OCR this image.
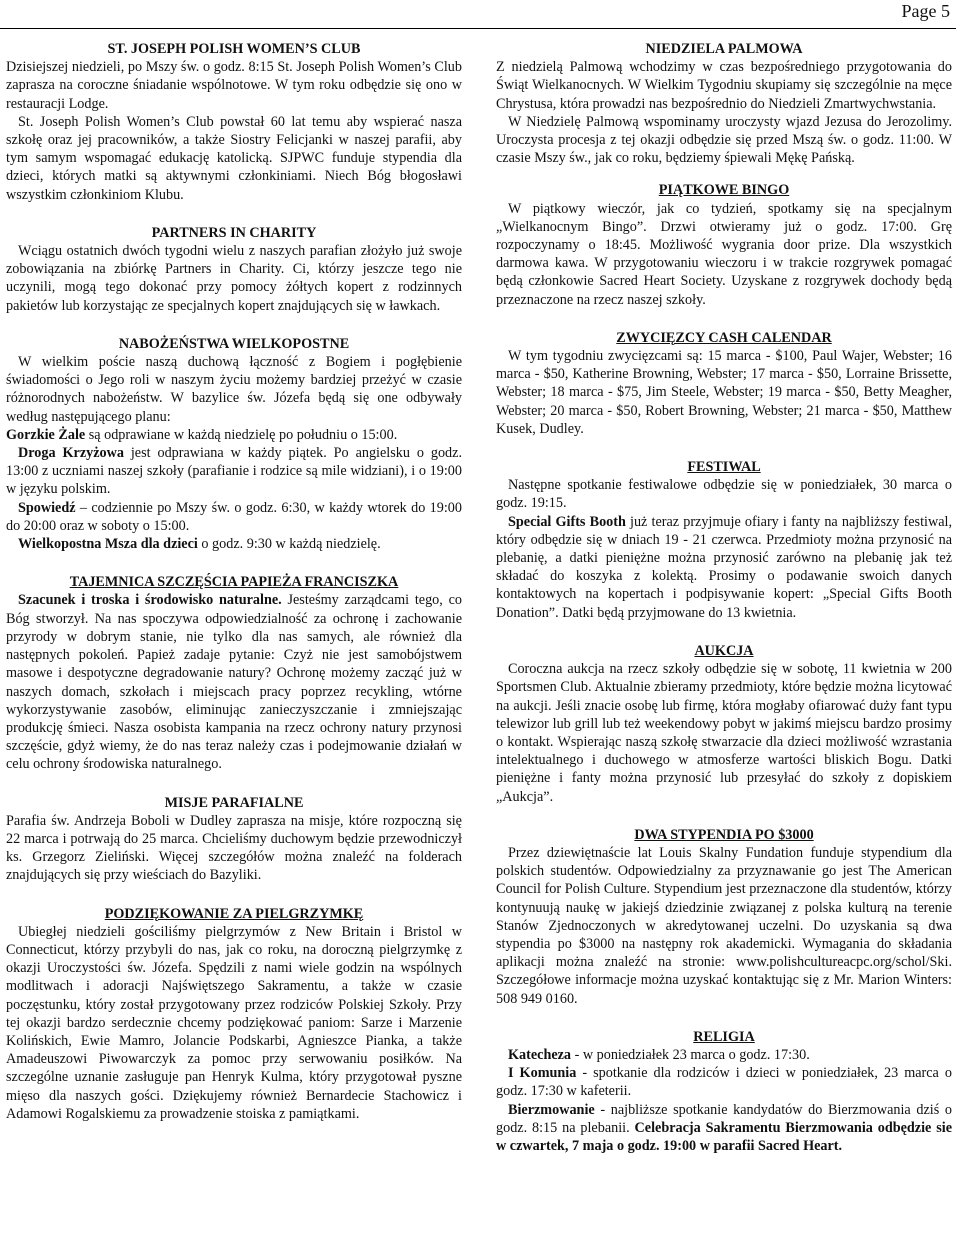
Page 5

ST. JOSEPH POLISH WOMEN’S CLUB

Dzisiejszej niedzieli, po Mszy św. o godz. 8:15 St. Joseph Polish Women’s Club zaprasza na coroczne śniadanie wspólnotowe. W tym roku odbędzie się ono w restauracji Lodge.

St. Joseph Polish Women’s Club powstał 60 lat temu aby wspierać nasza szkołę oraz jej pracowników, a także Siostry Felicjanki w naszej parafii, aby tym samym wspomagać edukację katolicką. SJPWC funduje stypendia dla dzieci, których matki są aktywnymi członkiniami. Niech Bóg błogosławi wszystkim członkiniom Klubu.

PARTNERS IN CHARITY

Wciągu ostatnich dwóch tygodni wielu z naszych parafian złożyło już swoje zobowiązania na zbiórkę Partners in Charity. Ci, którzy jeszcze tego nie uczynili, mogą tego dokonać przy pomocy żółtych kopert z rodzinnych pakietów lub korzystając ze specjalnych kopert znajdujących się w ławkach.

NABOŻEŃSTWA WIELKOPOSTNE

W wielkim poście naszą duchową łączność z Bogiem i pogłębienie świadomości o Jego roli w naszym życiu możemy bardziej przeżyć w czasie różnorodnych nabożeństw. W bazylice św. Józefa będą się one odbywały według następującego planu:

Gorzkie Żale są odprawiane w każdą niedzielę po południu o 15:00.

Droga Krzyżowa jest odprawiana w każdy piątek. Po angielsku o godz. 13:00 z uczniami naszej szkoły (parafianie i rodzice są mile widziani), i o 19:00 w języku polskim.

Spowiedź – codziennie po Mszy św. o godz. 6:30, w każdy wtorek do 19:00 do 20:00 oraz w soboty o 15:00.

Wielkopostna Msza dla dzieci o godz. 9:30 w każdą niedzielę.

TAJEMNICA SZCZĘŚCIA PAPIEŻA FRANCISZKA

Szacunek i troska i środowisko naturalne. Jesteśmy zarządcami tego, co Bóg stworzył. Na nas spoczywa odpowiedzialność za ochronę i zachowanie przyrody w dobrym stanie, nie tylko dla nas samych, ale również dla następnych pokoleń. Papież zadaje pytanie: Czyż nie jest samobójstwem masowe i despotyczne degradowanie natury? Ochronę możemy zacząć już w naszych domach, szkołach i miejscach pracy poprzez recykling, wtórne wykorzystywanie zasobów, eliminując zanieczyszczanie i zmniejszając produkcję śmieci. Nasza osobista kampania na rzecz ochrony natury przynosi szczęście, gdyż wiemy, że do nas teraz należy czas i podejmowanie działań w celu ochrony środowiska naturalnego.

MISJE PARAFIALNE

Parafia św. Andrzeja Boboli w Dudley zaprasza na misje, które rozpoczną się 22 marca i potrwają do 25 marca. Chcieliśmy duchowym będzie przewodniczył ks. Grzegorz Zieliński. Więcej szczegółów można znaleźć na folderach znajdujących się przy wieściach do Bazyliki.

PODZIĘKOWANIE ZA PIELGRZYMKĘ

Ubiegłej niedzieli gościliśmy pielgrzymów z New Britain i Bristol w Connecticut, którzy przybyli do nas, jak co roku, na doroczną pielgrzymkę z okazji Uroczystości św. Józefa. Spędzili z nami wiele godzin na wspólnych modlitwach i adoracji Najświętszego Sakramentu, a także w czasie poczęstunku, który został przygotowany przez rodziców Polskiej Szkoły. Przy tej okazji bardzo serdecznie chcemy podziękować paniom: Sarze i Marzenie Kolińskich, Ewie Mamro, Jolancie Podskarbi, Agnieszce Pianka, a także Amadeuszowi Piwowarczyk za pomoc przy serwowaniu posiłków. Na szczególne uznanie zasługuje pan Henryk Kulma, który przygotował pyszne mięso dla naszych gości. Dziękujemy również Bernardecie Stachowicz i Adamowi Rogalskiemu za prowadzenie stoiska z pamiątkami.

NIEDZIELA PALMOWA

Z niedzielą Palmową wchodzimy w czas bezpośredniego przygotowania do Świąt Wielkanocnych. W Wielkim Tygodniu skupiamy się szczególnie na męce Chrystusa, która prowadzi nas bezpośrednio do Niedzieli Zmartwychwstania.

W Niedzielę Palmową wspominamy uroczysty wjazd Jezusa do Jerozolimy. Uroczysta procesja z tej okazji odbędzie się przed Mszą św. o godz. 11:00. W czasie Mszy św., jak co roku, będziemy śpiewali Mękę Pańską.

PIĄTKOWE BINGO

W piątkowy wieczór, jak co tydzień, spotkamy się na specjalnym „Wielkanocnym Bingo”. Drzwi otwieramy już o godz. 17:00. Grę rozpoczynamy o 18:45. Możliwość wygrania door prize. Dla wszystkich darmowa kawa. W przygotowaniu wieczoru i w trakcie rozgrywek pomagać będą członkowie Sacred Heart Society. Uzyskane z rozgrywek dochody będą przeznaczone na rzecz naszej szkoły.

ZWYCIĘZCY CASH CALENDAR

W tym tygodniu zwycięzcami są: 15 marca - $100, Paul Wajer, Webster; 16 marca - $50, Katherine Browning, Webster; 17 marca - $50, Lorraine Brissette, Webster; 18 marca - $75, Jim Steele, Webster; 19 marca - $50, Betty Meagher, Webster; 20 marca - $50, Robert Browning, Webster; 21 marca - $50, Matthew Kusek, Dudley.

FESTIWAL

Następne spotkanie festiwalowe odbędzie się w poniedziałek, 30 marca o godz. 19:15.

Special Gifts Booth już teraz przyjmuje ofiary i fanty na najbliższy festiwal, który odbędzie się w dniach 19 - 21 czerwca. Przedmioty można przynosić na plebanię, a datki pieniężne można przynosić zarówno na plebanię jak też składać do koszyka z kolektą. Prosimy o podawanie swoich danych kontaktowych na kopertach i podpisywanie kopert: „Special Gifts Booth Donation”. Datki będą przyjmowane do 13 kwietnia.

AUKCJA

Coroczna aukcja na rzecz szkoły odbędzie się w sobotę, 11 kwietnia w 200 Sportsmen Club. Aktualnie zbieramy przedmioty, które będzie można licytować na aukcji. Jeśli znacie osobę lub firmę, która mogłaby ofiarować duży fant typu telewizor lub grill lub też weekendowy pobyt w jakimś miejscu bardzo prosimy o kontakt. Wspierając naszą szkołę stwarzacie dla dzieci możliwość wzrastania intelektualnego i duchowego w atmosferze wartości bliskich Bogu. Datki pieniężne i fanty można przynosić lub przesyłać do szkoły z dopiskiem „Aukcja”.

DWA STYPENDIA PO $3000

Przez dziewiętnaście lat Louis Skalny Fundation funduje stypendium dla polskich studentów. Odpowiedzialny za przyznawanie go jest The American Council for Polish Culture. Stypendium jest przeznaczone dla studentów, którzy kontynuują naukę w jakiejś dziedzinie związanej z polska kulturą na terenie Stanów Zjednoczonych w akredytowanej uczelni. Do uzyskania są dwa stypendia po $3000 na następny rok akademicki. Wymagania do składania aplikacji można znaleźć na stronie: www.polishcultureacpc.org/schol/Ski. Szczegółowe informacje można uzyskać kontaktując się z Mr. Marion Winters: 508 949 0160.

RELIGIA

Katecheza - w poniedziałek 23 marca o godz. 17:30.

I Komunia - spotkanie dla rodziców i dzieci w poniedziałek, 23 marca o godz. 17:30 w kafeterii.

Bierzmowanie - najbliższe spotkanie kandydatów do Bierzmowania dziś o godz. 8:15 na plebanii. Celebracja Sakramentu Bierzmowania odbędzie sie w czwartek, 7 maja o godz. 19:00 w parafii Sacred Heart.
